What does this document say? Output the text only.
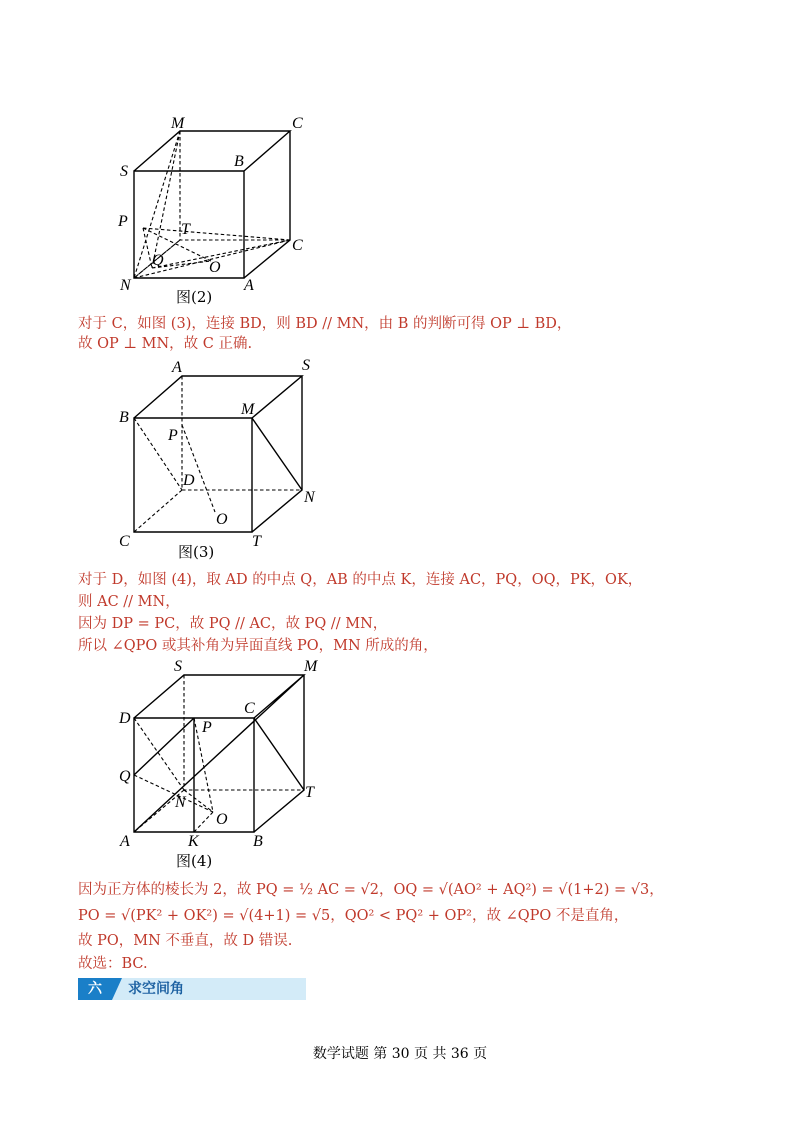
M	C
S
B
P	T
C
Q	O
N	A
图(2)
对于 C，如图 (3)，连接 BD，则 BD // MN，由 B 的判断可得 OP ⊥ BD，
故 OP ⊥ MN，故 C 正确.
A	S
B	M
P
D
N
O
C	T
图(3)
对于 D，如图 (4)，取 AD 的中点 Q，AB 的中点 K，连接 AC，PQ，OQ，PK，OK，
则 AC // MN，
因为 DP = PC，故 PQ // AC，故 PQ // MN，
所以 ∠QPO 或其补角为异面直线 PO，MN 所成的角，
D
S	M
P
C
Q
N
T
O
A	K	B
图(4)
因为正方体的棱长为 2，故 PQ = ½ AC = √2，OQ = √(AO² + AQ²) = √(1+2) = √3，
PO = √(PK² + OK²) = √(4+1) = √5，QO² < PQ² + OP²，故 ∠QPO 不是直角，
故 PO，MN 不垂直，故 D 错误.
故选：BC.
六	求空间角
数学试题 第 30 页 共 36 页
